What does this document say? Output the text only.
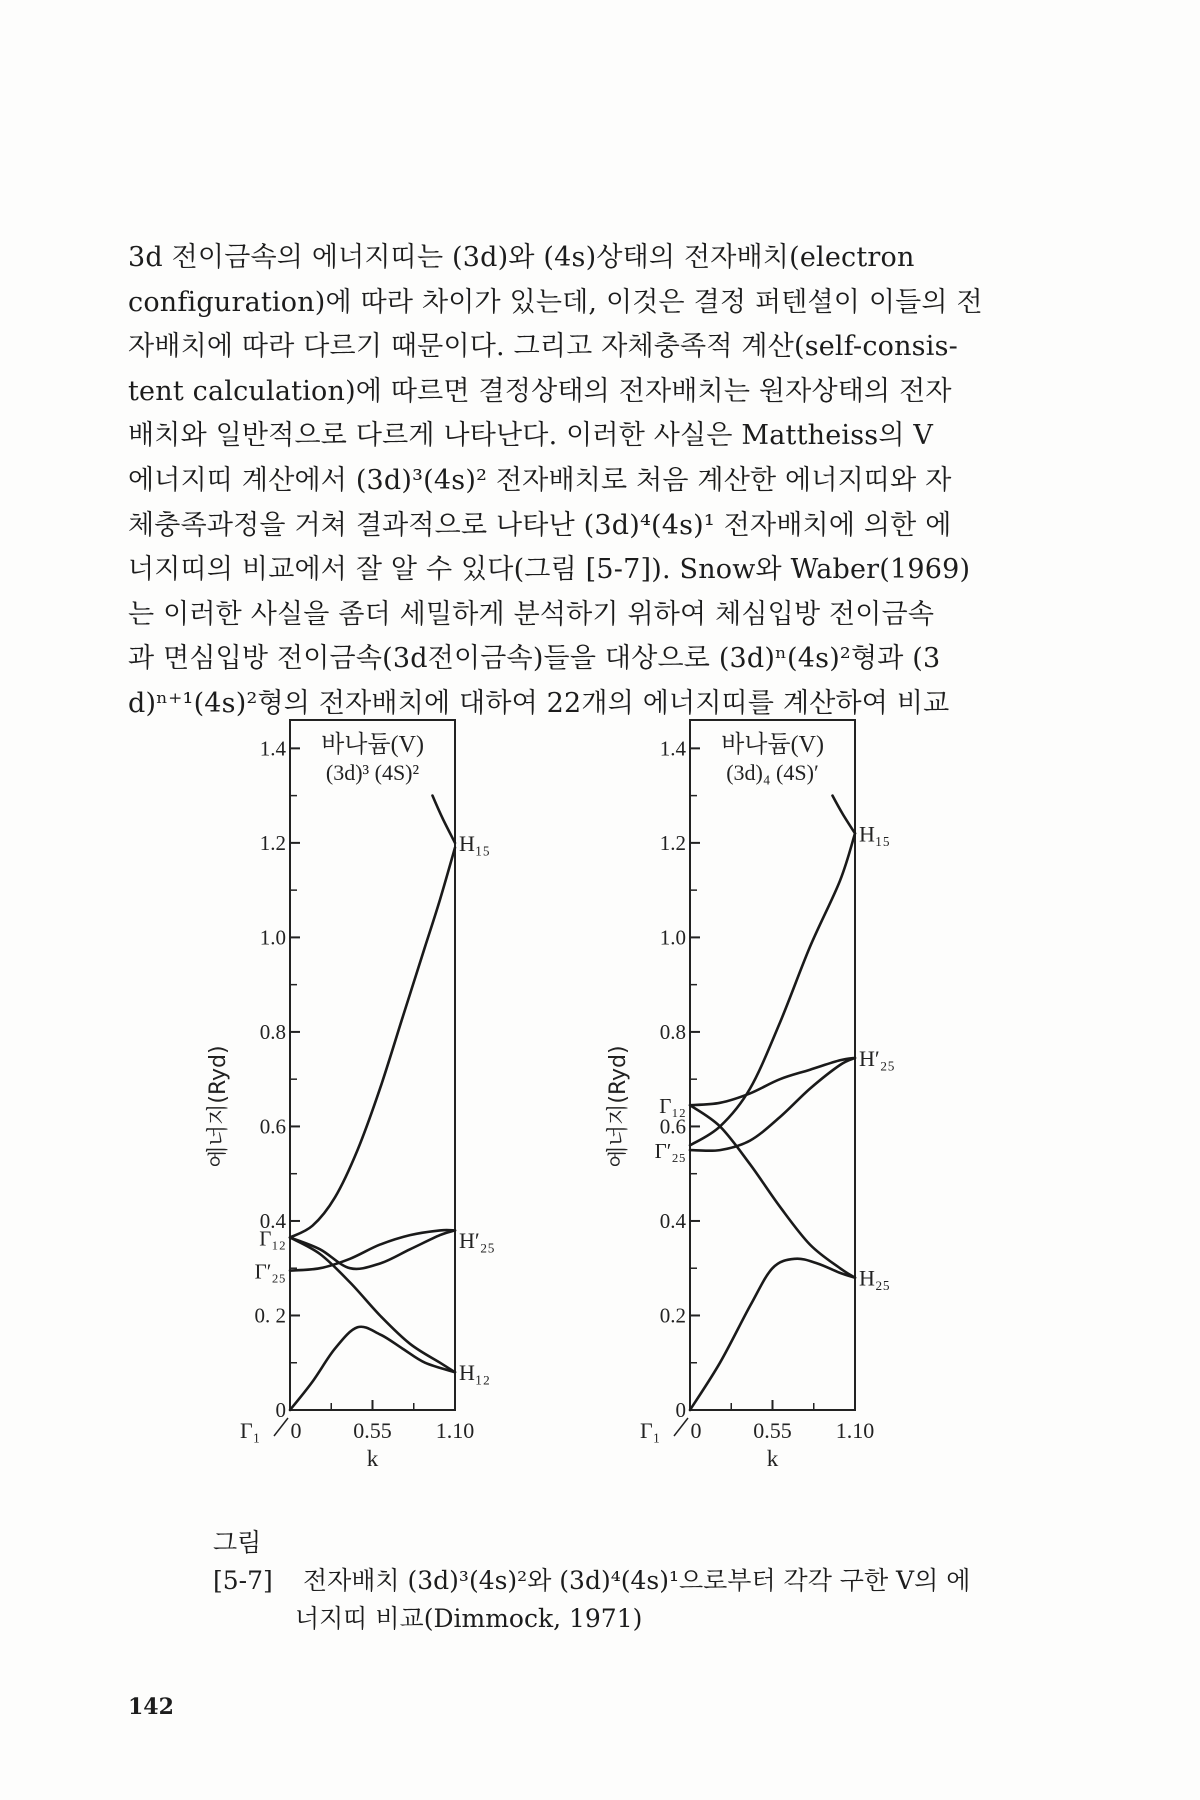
3d 전이금속의 에너지띠는 (3d)와 (4s)상태의 전자배치(electron
configuration)에 따라 차이가 있는데, 이것은 결정 퍼텐셜이 이들의 전
자배치에 따라 다르기 때문이다. 그리고 자체충족적 계산(self-consis-
tent calculation)에 따르면 결정상태의 전자배치는 원자상태의 전자
배치와 일반적으로 다르게 나타난다. 이러한 사실은 Mattheiss의 V
에너지띠 계산에서 (3d)³(4s)² 전자배치로 처음 계산한 에너지띠와 자
체충족과정을 거쳐 결과적으로 나타난 (3d)⁴(4s)¹ 전자배치에 의한 에
너지띠의 비교에서 잘 알 수 있다(그림 [5-7]). Snow와 Waber(1969)
는 이러한 사실을 좀더 세밀하게 분석하기 위하여 체심입방 전이금속
과 면심입방 전이금속(3d전이금속)들을 대상으로 (3d)ⁿ(4s)²형과 (3
d)ⁿ⁺¹(4s)²형의 전자배치에 대하여 22개의 에너지띠를 계산하여 비교
바나듐(V)
(3d)³ (4S)²
0
0. 2
0.4
0.6
0.8
1.0
1.2
1.4
0 0.55 1.10
k
에너지(Ryd)
Γ₁
Γ₁₂
Γ′₂₅
H₁₅
H′₂₅
H₁₂
바나듐(V)
(3d)₄ (4S)′
0
0.2
0.4
0.6
0.8
1.0
1.2
1.4
0 0.55 1.10
k
에너지(Ryd)
Γ₁
Γ₁₂
Γ′₂₅
H₁₅
H′₂₅
H₂₅
그림 [5-7] 전자배치 (3d)³(4s)²와 (3d)⁴(4s)¹으로부터 각각 구한 V의 에
너지띠 비교(Dimmock, 1971)
142
